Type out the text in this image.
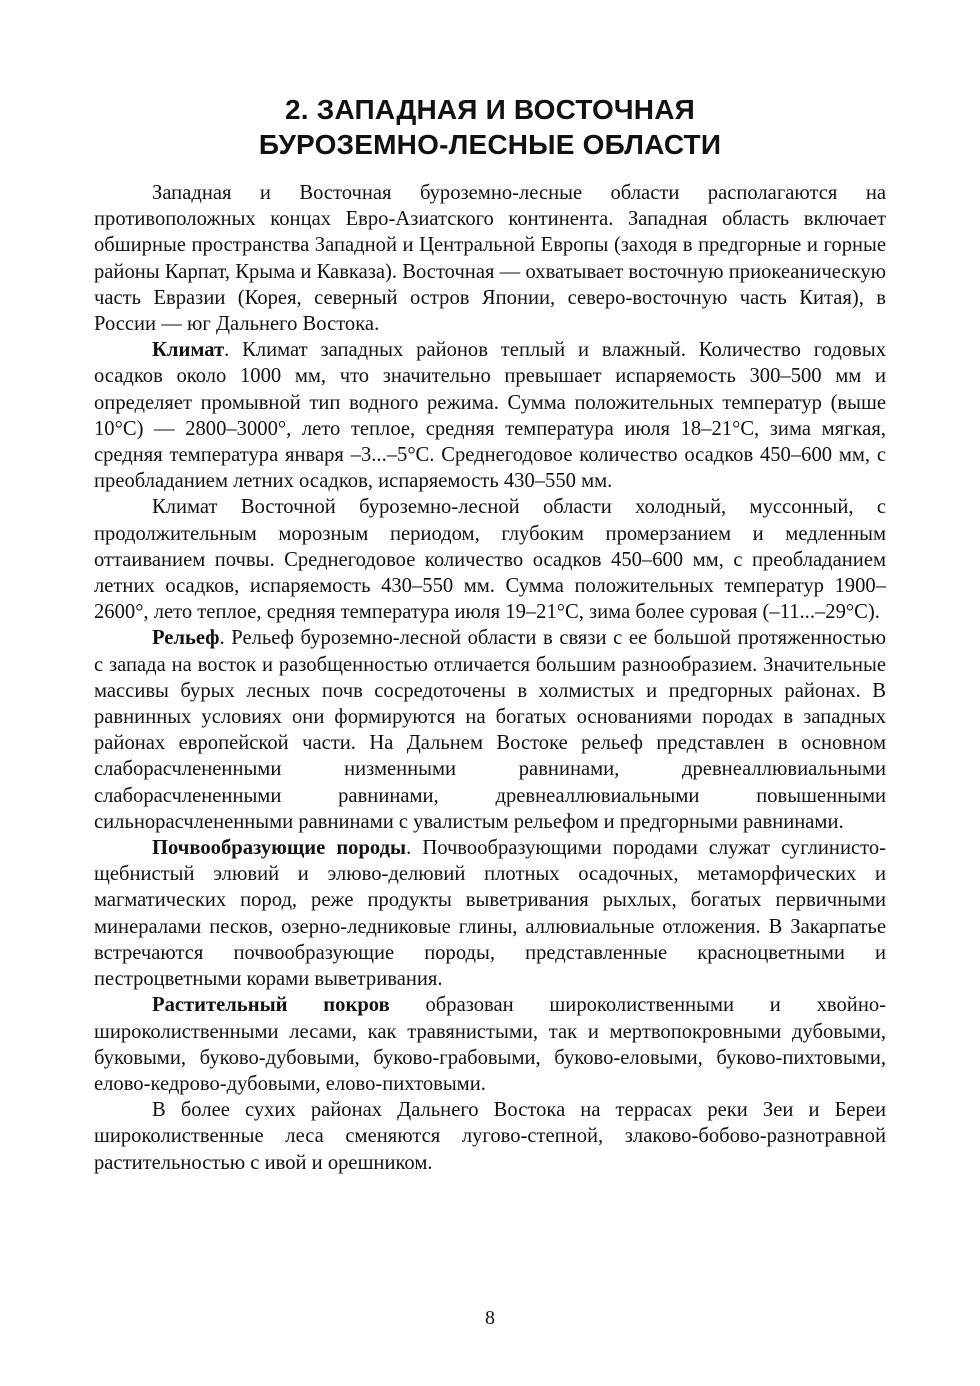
2. ЗАПАДНАЯ И ВОСТОЧНАЯ
БУРОЗЕМНО-ЛЕСНЫЕ ОБЛАСТИ

Западная и Восточная буроземно-лесные области располагаются на противоположных концах Евро-Азиатского континента. Западная область включает обширные пространства Западной и Центральной Европы (заходя в предгорные и горные районы Карпат, Крыма и Кавказа). Восточная — охватывает восточную приокеаническую часть Евразии (Корея, северный остров Японии, северо-восточную часть Китая), в России — юг Дальнего Востока.

Климат. Климат западных районов теплый и влажный. Количество годовых осадков около 1000 мм, что значительно превышает испаряемость 300–500 мм и определяет промывной тип водного режима. Сумма положительных температур (выше 10°С) — 2800–3000°, лето теплое, средняя температура июля 18–21°С, зима мягкая, средняя температура января –3...–5°С. Среднегодовое количество осадков 450–600 мм, с преобладанием летних осадков, испаряемость 430–550 мм.

Климат Восточной буроземно-лесной области холодный, муссонный, с продолжительным морозным периодом, глубоким промерзанием и медленным оттаиванием почвы. Среднегодовое количество осадков 450–600 мм, с преобладанием летних осадков, испаряемость 430–550 мм. Сумма положительных температур 1900–2600°, лето теплое, средняя температура июля 19–21°С, зима более суровая (–11...–29°С).

Рельеф. Рельеф буроземно-лесной области в связи с ее большой протяженностью с запада на восток и разобщенностью отличается большим разнообразием. Значительные массивы бурых лесных почв сосредоточены в холмистых и предгорных районах. В равнинных условиях они формируются на богатых основаниями породах в западных районах европейской части. На Дальнем Востоке рельеф представлен в основном слаборасчлененными низменными равнинами, древнеаллювиальными слаборасчлененными равнинами, древнеаллювиальными повышенными сильнорасчлененными равнинами с увалистым рельефом и предгорными равнинами.

Почвообразующие породы. Почвообразующими породами служат суглинисто-щебнистый элювий и элюво-делювий плотных осадочных, метаморфических и магматических пород, реже продукты выветривания рыхлых, богатых первичными минералами песков, озерно-ледниковые глины, аллювиальные отложения. В Закарпатье встречаются почвообразующие породы, представленные красноцветными и пестроцветными корами выветривания.

Растительный покров образован широколиственными и хвойно-широколиственными лесами, как травянистыми, так и мертвопокровными дубовыми, буковыми, буково-дубовыми, буково-грабовыми, буково-еловыми, буково-пихтовыми, елово-кедрово-дубовыми, елово-пихтовыми.

В более сухих районах Дальнего Востока на террасах реки Зеи и Береи широколиственные леса сменяются лугово-степной, злаково-бобово-разнотравной растительностью с ивой и орешником.

8
